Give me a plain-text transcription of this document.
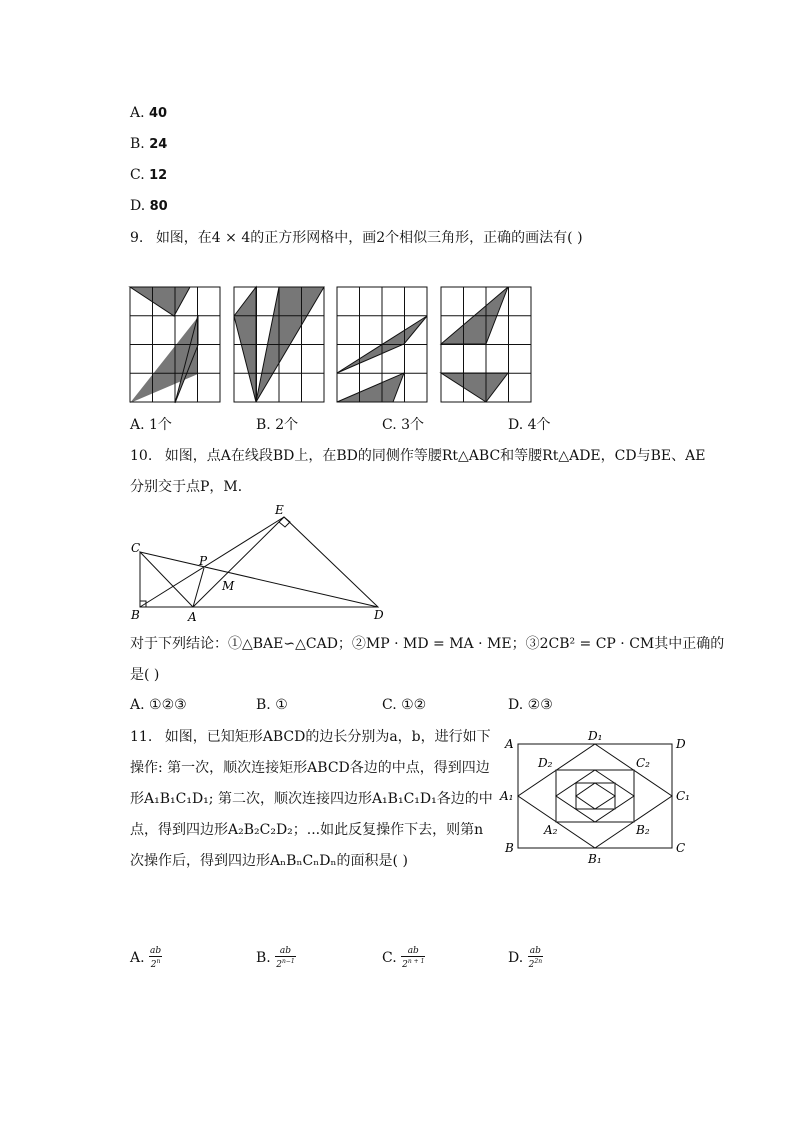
A. 40
B. 24
C. 12
D. 80
9. 如图，在4 × 4的正方形网格中，画2个相似三角形，正确的画法有( )
A. 1个	B. 2个	C. 3个	D. 4个
10. 如图，点A在线段BD上，在BD的同侧作等腰Rt△ABC和等腰Rt△ADE，CD与BE、AE
分别交于点P，M．
C
B	A
P
M
E
D
对于下列结论：①△BAE∽△CAD；②MP · MD = MA · ME；③2CB² = CP · CM其中正确的
是( )
A. ①②③	B. ①	C. ①②	D. ②③
11. 如图，已知矩形ABCD的边长分别为a，b，进行如下
操作: 第一次，顺次连接矩形ABCD各边的中点，得到四边
形A₁B₁C₁D₁; 第二次，顺次连接四边形A₁B₁C₁D₁各边的中
点，得到四边形A₂B₂C₂D₂；...如此反复操作下去，则第n
次操作后，得到四边形AₙBₙCₙDₙ的面积是( )
A	D
B	C
D₁
B₁
A₁	C₁
D₂	C₂
A₂	B₂
A. $\frac{ab}{2^n}$	B. $\frac{ab}{2^{n-1}}$	C. $\frac{ab}{2^{n + 1}}$	D. $\frac{ab}{2^{2n}}$
